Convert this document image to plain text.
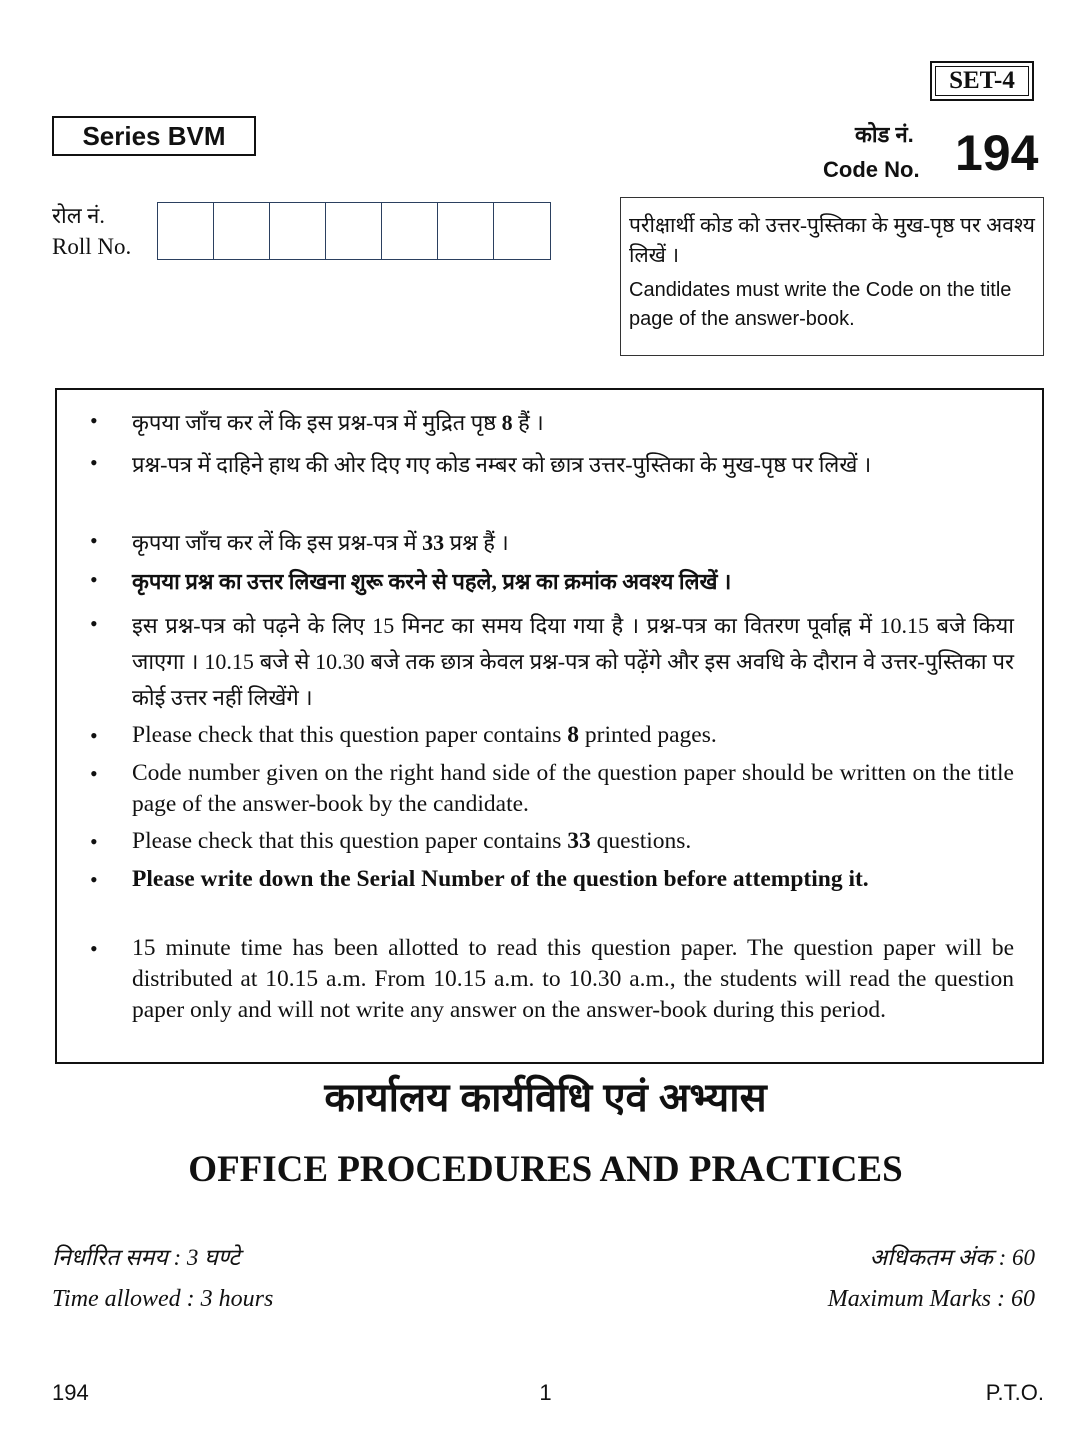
SET-4
Series BVM	कोड नं.
Code No. 194
रोल नं.
Roll No.
परीक्षार्थी कोड को उत्तर-पुस्तिका के मुख-पृष्ठ पर अवश्य लिखें ।
Candidates must write the Code on the title page of the answer-book.
• कृपया जाँच कर लें कि इस प्रश्न-पत्र में मुद्रित पृष्ठ 8 हैं ।
• प्रश्न-पत्र में दाहिने हाथ की ओर दिए गए कोड नम्बर को छात्र उत्तर-पुस्तिका के मुख-पृष्ठ पर लिखें ।
• कृपया जाँच कर लें कि इस प्रश्न-पत्र में 33 प्रश्न हैं ।
• कृपया प्रश्न का उत्तर लिखना शुरू करने से पहले, प्रश्न का क्रमांक अवश्य लिखें ।
• इस प्रश्न-पत्र को पढ़ने के लिए 15 मिनट का समय दिया गया है । प्रश्न-पत्र का वितरण पूर्वाह्न में 10.15 बजे किया जाएगा । 10.15 बजे से 10.30 बजे तक छात्र केवल प्रश्न-पत्र को पढ़ेंगे और इस अवधि के दौरान वे उत्तर-पुस्तिका पर कोई उत्तर नहीं लिखेंगे ।
• Please check that this question paper contains 8 printed pages.
• Code number given on the right hand side of the question paper should be written on the title page of the answer-book by the candidate.
• Please check that this question paper contains 33 questions.
• Please write down the Serial Number of the question before attempting it.
• 15 minute time has been allotted to read this question paper. The question paper will be distributed at 10.15 a.m. From 10.15 a.m. to 10.30 a.m., the students will read the question paper only and will not write any answer on the answer-book during this period.
कार्यालय कार्यविधि एवं अभ्यास
OFFICE PROCEDURES AND PRACTICES
निर्धारित समय : 3 घण्टे
Time allowed : 3 hours
अधिकतम अंक : 60
Maximum Marks : 60
194	1	P.T.O.
